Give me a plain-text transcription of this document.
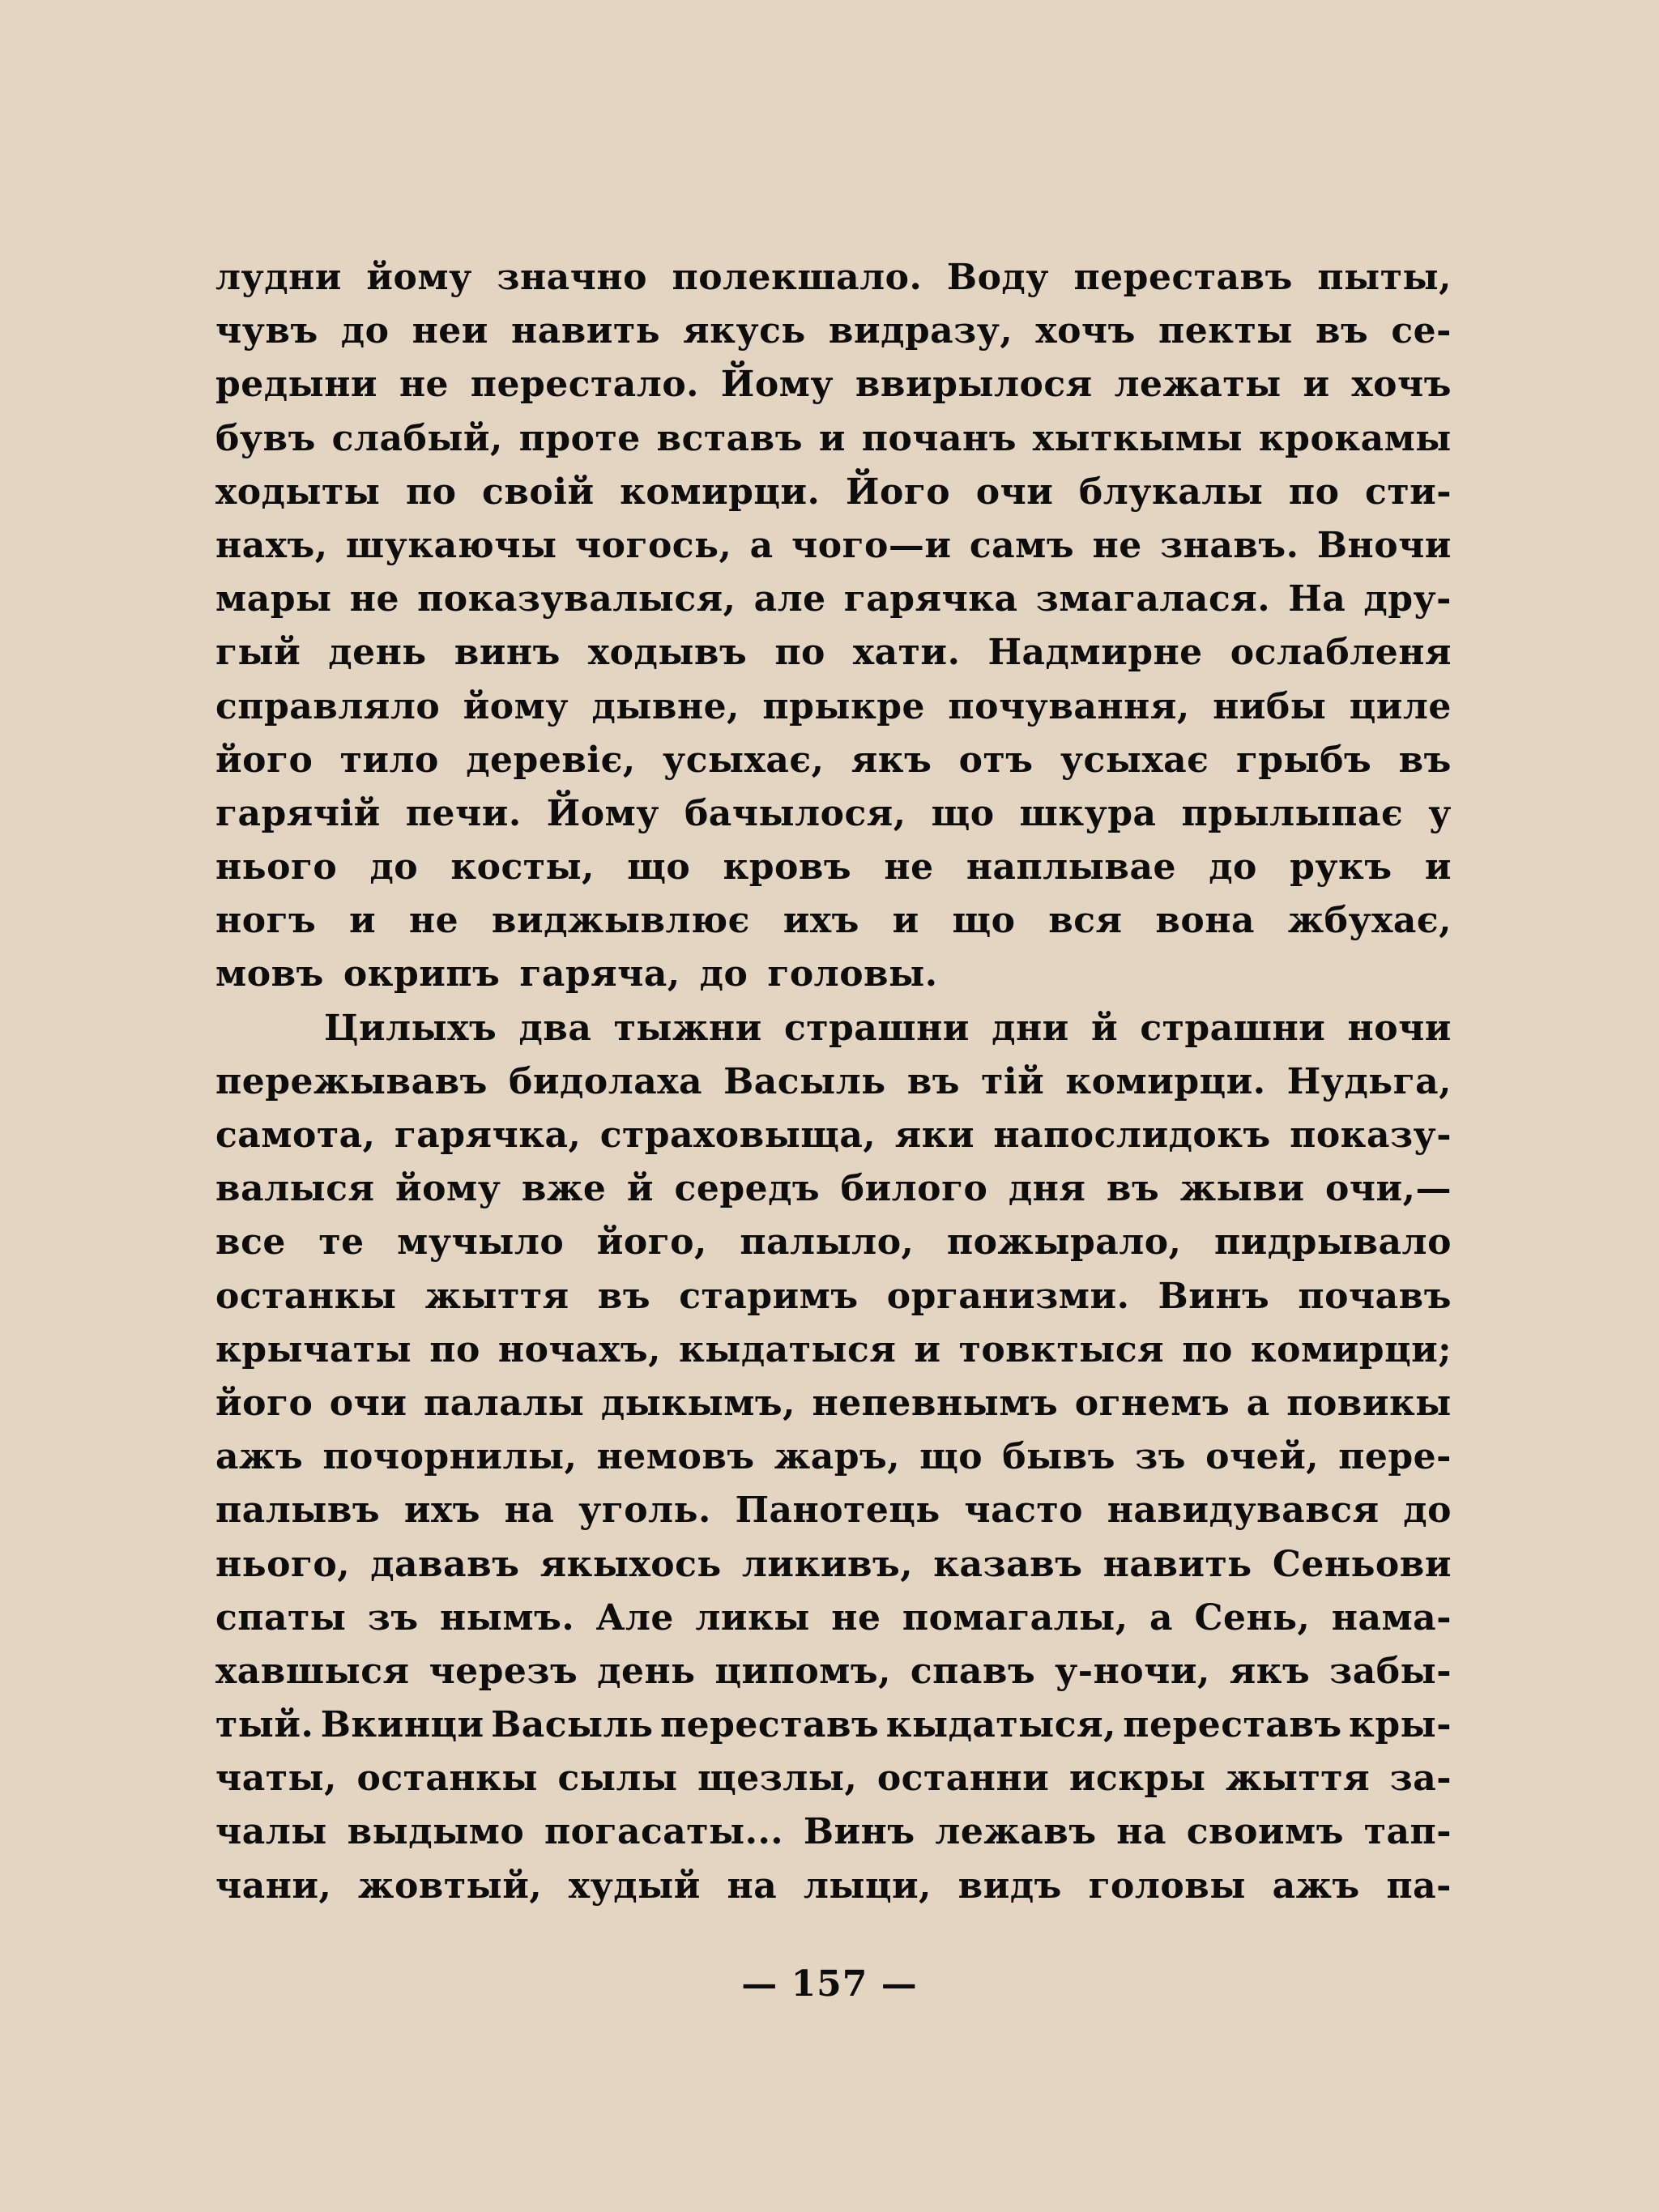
лудни йому значно полекшало. Воду переставъ пыты,
чувъ до неи навить якусь видразу, хочъ пекты въ се-
редыни не перестало. Йому ввирылося лежаты и хочъ
бувъ слабый, проте вставъ и почанъ хыткымы крокамы
ходыты по своій комирци. Його очи блукалы по сти-
нахъ, шукаючы чогось, а чого—и самъ не знавъ. Вночи
мары не показувалыся, але гарячка змагалася. На дру-
гый день винъ ходывъ по хати. Надмирне ослабленя
справляло йому дывне, прыкре почування, нибы циле
його тило деревіє, усыхає, якъ отъ усыхає грыбъ въ
гарячій печи. Йому бачылося, що шкура прылыпає у
нього до косты, що кровъ не наплывае до рукъ и
ногъ и не виджывлює ихъ и що вся вона жбухає,
мовъ окрипъ гаряча, до головы.
Цилыхъ два тыжни страшни дни й страшни ночи
пережывавъ бидолаха Васыль въ тій комирци. Нудьга,
самота, гарячка, страховыща, яки напослидокъ показу-
валыся йому вже й середъ билого дня въ жыви очи,—
все те мучыло його, палыло, пожырало, пидрывало
останкы жыття въ старимъ организми. Винъ почавъ
крычаты по ночахъ, кыдатыся и товктыся по комирци;
його очи палалы дыкымъ, непевнымъ огнемъ а повикы
ажъ почорнилы, немовъ жаръ, що бывъ зъ очей, пере-
палывъ ихъ на уголь. Панотець часто навидувався до
нього, дававъ якыхось ликивъ, казавъ навить Сеньови
спаты зъ нымъ. Але ликы не помагалы, а Сень, нама-
хавшыся черезъ день ципомъ, спавъ у-ночи, якъ забы-
тый. Вкинци Васыль переставъ кыдатыся, переставъ кры-
чаты, останкы сылы щезлы, останни искры жыття за-
чалы выдымо погасаты... Винъ лежавъ на своимъ тап-
чани, жовтый, худый на лыци, видъ головы ажъ па-
— 157 —
